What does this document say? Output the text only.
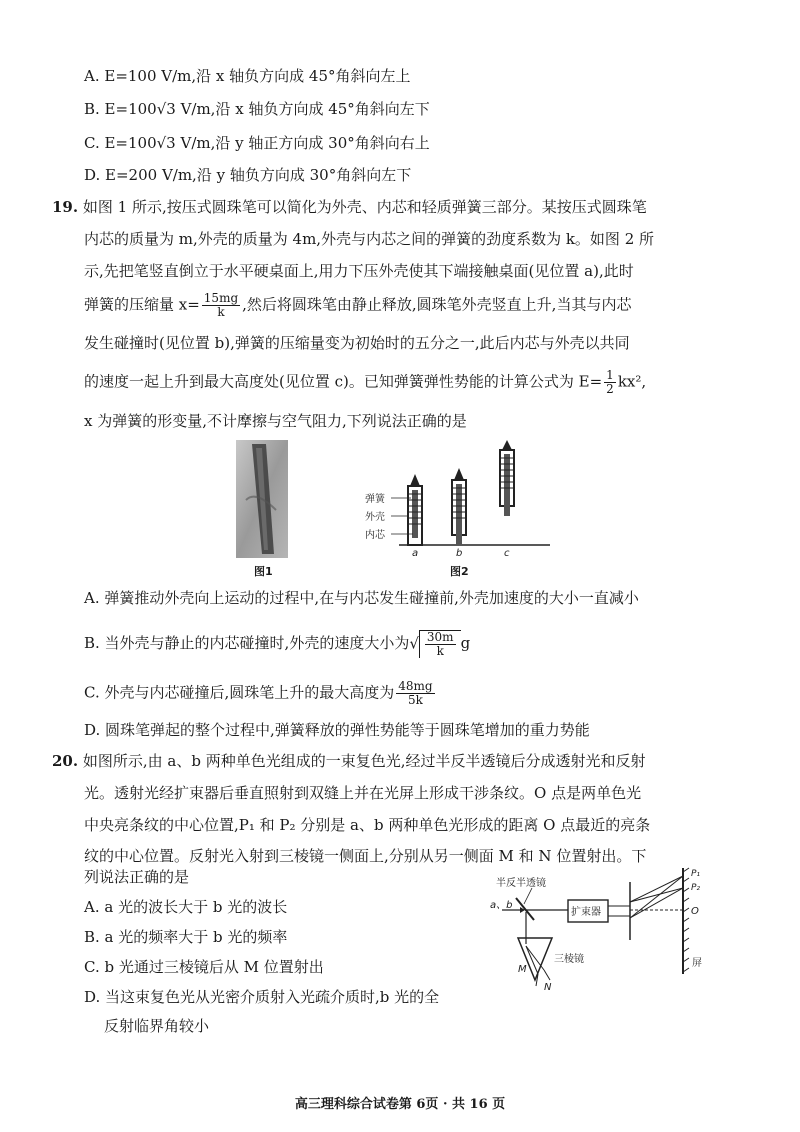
A. E=100 V/m,沿 x 轴负方向成 45°角斜向左上
B. E=100√3 V/m,沿 x 轴负方向成 45°角斜向左下
C. E=100√3 V/m,沿 y 轴正方向成 30°角斜向右上
D. E=200 V/m,沿 y 轴负方向成 30°角斜向左下
19. 如图 1 所示,按压式圆珠笔可以简化为外壳、内芯和轻质弹簧三部分。某按压式圆珠笔
内芯的质量为 m,外壳的质量为 4m,外壳与内芯之间的弹簧的劲度系数为 k。如图 2 所
示,先把笔竖直倒立于水平硬桌面上,用力下压外壳使其下端接触桌面(见位置 a),此时
弹簧的压缩量 $x= \frac{15mg}{k}$ ,然后将圆珠笔由静止释放,圆珠笔外壳竖直上升,当其与内芯
发生碰撞时(见位置 b),弹簧的压缩量变为初始时的五分之一,此后内芯与外壳以共同
的速度一起上升到最大高度处(见位置 c)。已知弹簧弹性势能的计算公式为 $E= \frac{1}{2} kx^2$,
x 为弹簧的形变量,不计摩擦与空气阻力,下列说法正确的是
图1
弹簧
外壳
内芯
a	b	c
图2
A. 弹簧推动外壳向上运动的过程中,在与内芯发生碰撞前,外壳加速度的大小一直减小
B. 当外壳与静止的内芯碰撞时,外壳的速度大小为√ $\frac{30m}{k}$ g
C. 外壳与内芯碰撞后,圆珠笔上升的最大高度为 $\frac{48mg}{5k}$
D. 圆珠笔弹起的整个过程中,弹簧释放的弹性势能等于圆珠笔增加的重力势能
20. 如图所示,由 a、b 两种单色光组成的一束复色光,经过半反半透镜后分成透射光和反射
光。透射光经扩束器后垂直照射到双缝上并在光屏上形成干涉条纹。O 点是两单色光
中央亮条纹的中心位置,P₁ 和 P₂ 分别是 a、b 两种单色光形成的距离 O 点最近的亮条
纹的中心位置。反射光入射到三棱镜一侧面上,分别从另一侧面 M 和 N 位置射出。下
列说法正确的是
A. a 光的波长大于 b 光的波长
B. a 光的频率大于 b 光的频率
C. b 光通过三棱镜后从 M 位置射出
D. 当这束复色光从光密介质射入光疏介质时,b 光的全
反射临界角较小
半反半透镜
a、b
扩束器
三棱镜	屏
P₁
P₂
O
M
N
高三理科综合试卷第 6页 · 共 16 页
